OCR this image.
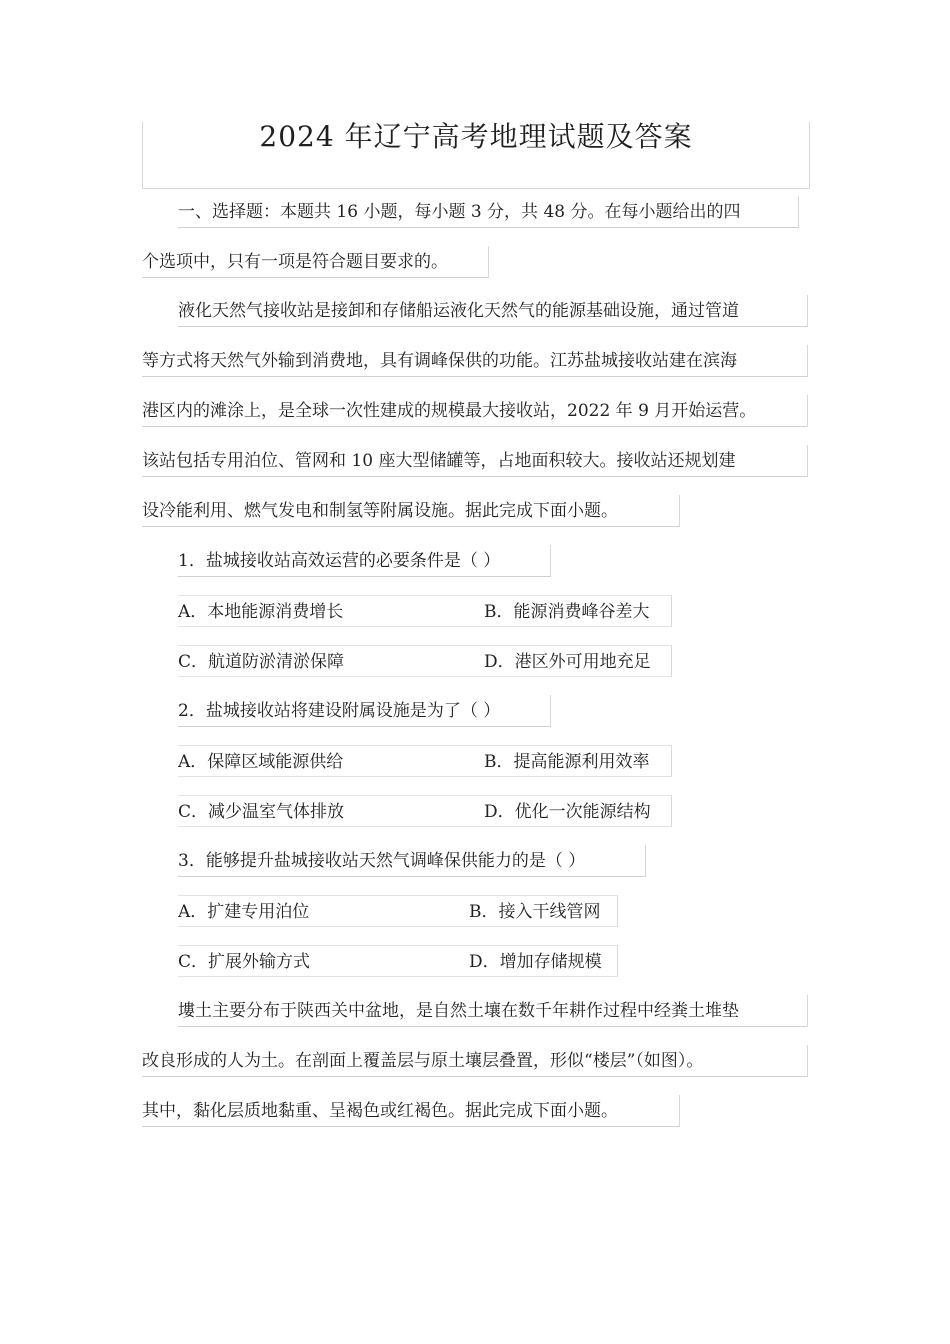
2024 年辽宁高考地理试题及答案
一、选择题：本题共 16 小题，每小题 3 分，共 48 分。在每小题给出的四
个选项中，只有一项是符合题目要求的。
液化天然气接收站是接卸和存储船运液化天然气的能源基础设施，通过管道
等方式将天然气外输到消费地，具有调峰保供的功能。江苏盐城接收站建在滨海
港区内的滩涂上，是全球一次性建成的规模最大接收站，2022 年 9 月开始运营。
该站包括专用泊位、管网和 10 座大型储罐等，占地面积较大。接收站还规划建
设冷能利用、燃气发电和制氢等附属设施。据此完成下面小题。
1．盐城接收站高效运营的必要条件是（ ）
A．本地能源消费增长	B．能源消费峰谷差大
C．航道防淤清淤保障	D．港区外可用地充足
2．盐城接收站将建设附属设施是为了（ ）
A．保障区域能源供给	B．提高能源利用效率
C．减少温室气体排放	D．优化一次能源结构
3．能够提升盐城接收站天然气调峰保供能力的是（ ）
A．扩建专用泊位	B．接入干线管网
C．扩展外输方式	D．增加存储规模
塿土主要分布于陕西关中盆地，是自然土壤在数千年耕作过程中经粪土堆垫
改良形成的人为土。在剖面上覆盖层与原土壤层叠置，形似“楼层”（如图）。
其中，黏化层质地黏重、呈褐色或红褐色。据此完成下面小题。
